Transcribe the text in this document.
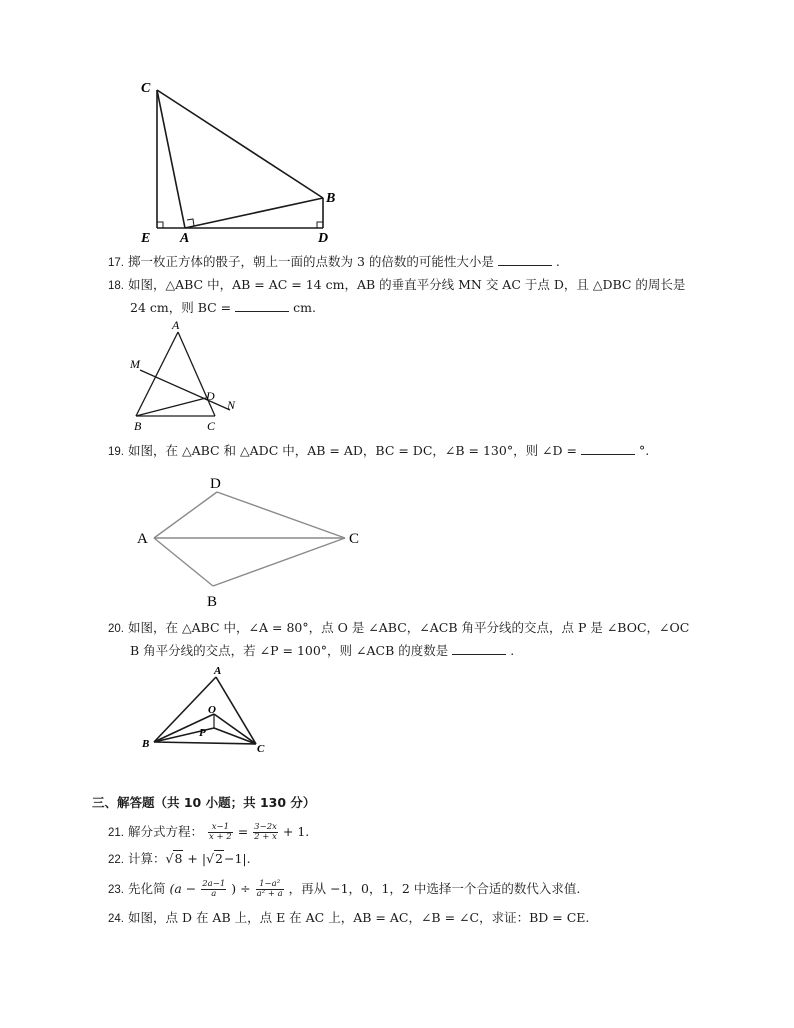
C
B
E A	D
17. 掷一枚正方体的骰子，朝上一面的点数为 3 的倍数的可能性大小是	.
18. 如图，△ABC 中，AB = AC = 14 cm，AB 的垂直平分线 MN 交 AC 于点 D，且 △DBC 的周长是
24 cm，则 BC =	cm.
A
M
D
N
B	C
19. 如图，在 △ABC 和 △ADC 中，AB = AD，BC = DC，∠B = 130°，则 ∠D =	°.
D
A	C
B
20. 如图，在 △ABC 中，∠A = 80°，点 O 是 ∠ABC，∠ACB 角平分线的交点，点 P 是 ∠BOC，∠OC
B 角平分线的交点，若 ∠P = 100°，则 ∠ACB 的度数是	.
A
O
P
B	C
三、解答题（共 10 小题；共 130 分）
21. 解分式方程： $\frac{x-1}{x + 2} = \frac{3-2x}{2 + x} + 1$.
22. 计算：√8 + |√2−1|.
23. 先化简 ($a - \frac{2a-1}{a}$ ) ÷ $\frac{\text{1−a²}}{\text{a² + a}}$ ，再从 −1，0，1，2 中选择一个合适的数代入求值.
24. 如图，点 D 在 AB 上，点 E 在 AC 上，AB = AC，∠B = ∠C，求证：BD = CE.
